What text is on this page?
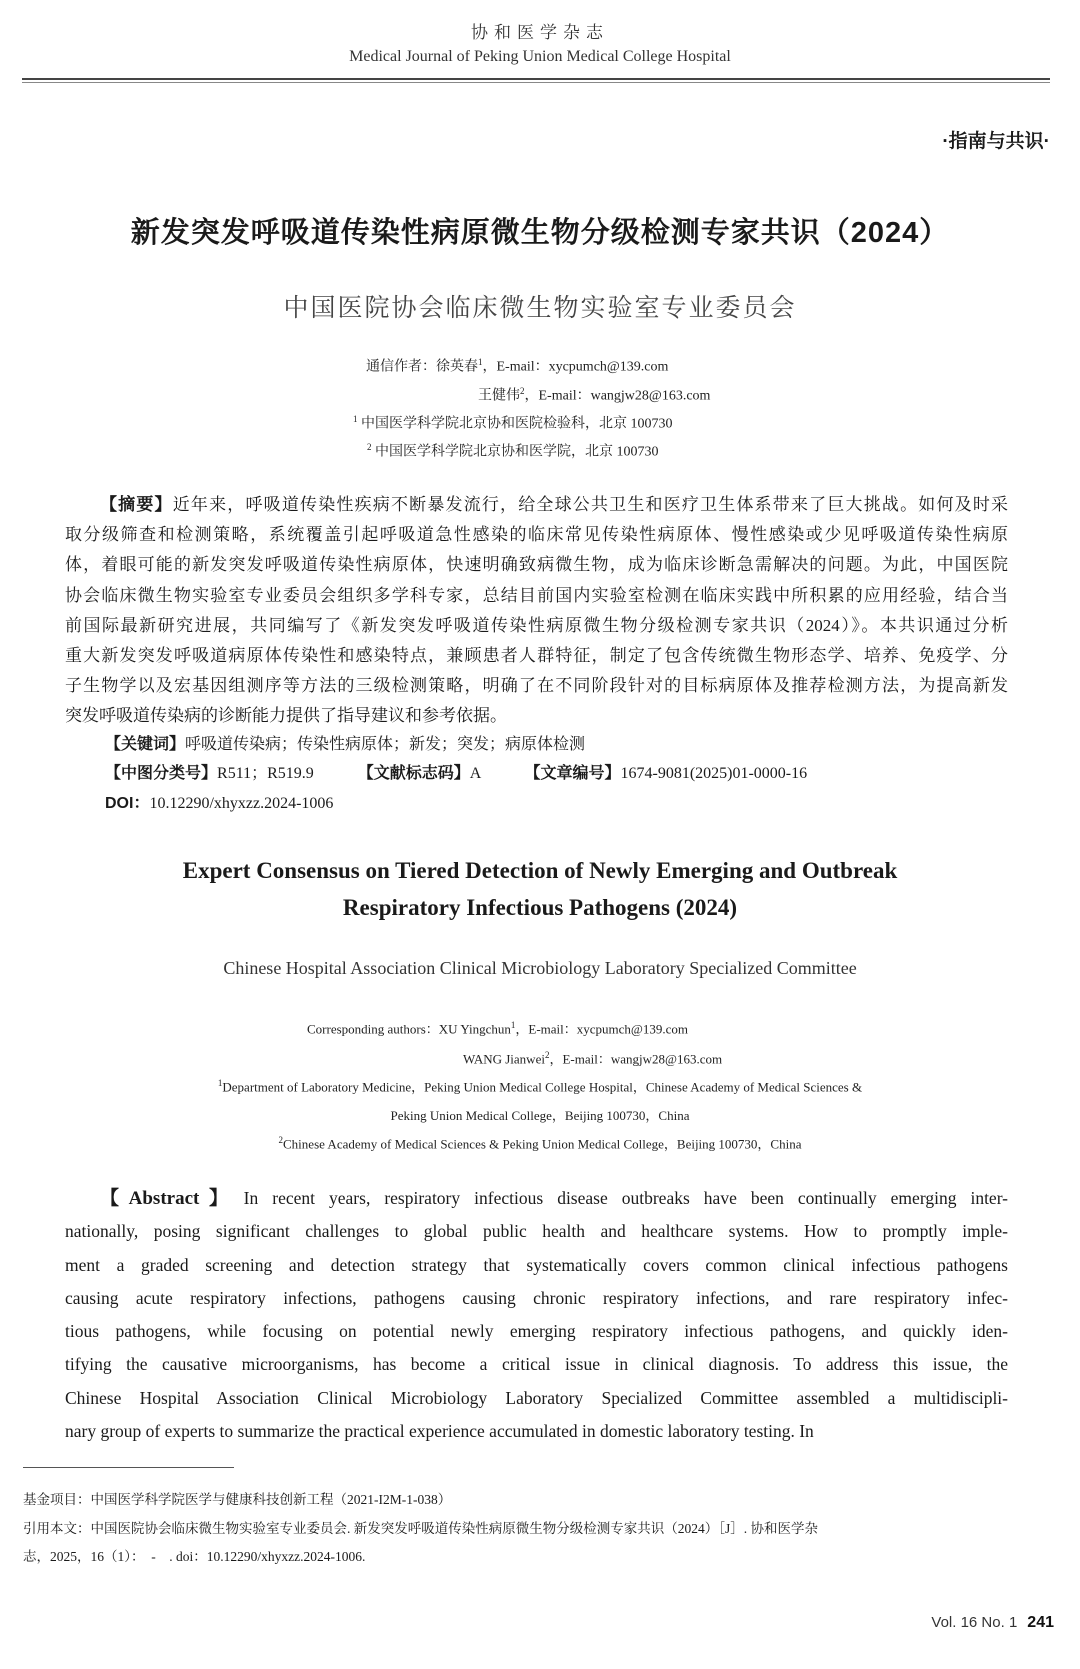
协和医学杂志
Medical Journal of Peking Union Medical College Hospital
·指南与共识·
新发突发呼吸道传染性病原微生物分级检测专家共识（2024）
中国医院协会临床微生物实验室专业委员会
通信作者：徐英春$^1$，E-mail：xycpumch@139.com
王健伟$^2$，E-mail：wangjw28@163.com
$^1$ 中国医学科学院北京协和医院检验科，北京 100730
$^2$ 中国医学科学院北京协和医学院，北京 100730
【摘要】近年来，呼吸道传染性疾病不断暴发流行，给全球公共卫生和医疗卫生体系带来了巨大挑战。如何及时采
取分级筛查和检测策略，系统覆盖引起呼吸道急性感染的临床常见传染性病原体、慢性感染或少见呼吸道传染性病原
体，着眼可能的新发突发呼吸道传染性病原体，快速明确致病微生物，成为临床诊断急需解决的问题。为此，中国医院
协会临床微生物实验室专业委员会组织多学科专家，总结目前国内实验室检测在临床实践中所积累的应用经验，结合当
前国际最新研究进展，共同编写了《新发突发呼吸道传染性病原微生物分级检测专家共识（2024）》。本共识通过分析
重大新发突发呼吸道病原体传染性和感染特点，兼顾患者人群特征，制定了包含传统微生物形态学、培养、免疫学、分
子生物学以及宏基因组测序等方法的三级检测策略，明确了在不同阶段针对的目标病原体及推荐检测方法，为提高新发
突发呼吸道传染病的诊断能力提供了指导建议和参考依据。
【关键词】呼吸道传染病；传染性病原体；新发；突发；病原体检测
【中图分类号】R511；R519.9	【文献标志码】A	【文章编号】1674-9081(2025)01-0000-16
DOI：10.12290/xhyxzz.2024-1006
Expert Consensus on Tiered Detection of Newly Emerging and Outbreak
Respiratory Infectious Pathogens (2024)
Chinese Hospital Association Clinical Microbiology Laboratory Specialized Committee
Corresponding authors：XU Yingchun$^1$，E-mail：xycpumch@139.com
WANG Jianwei$^2$，E-mail：wangjw28@163.com
$^1$Department of Laboratory Medicine，Peking Union Medical College Hospital，Chinese Academy of Medical Sciences &
Peking Union Medical College，Beijing 100730，China
$^2$Chinese Academy of Medical Sciences & Peking Union Medical College，Beijing 100730，China
【Abstract】 In recent years, respiratory infectious disease outbreaks have been continually emerging inter-
nationally, posing significant challenges to global public health and healthcare systems. How to promptly imple-
ment a graded screening and detection strategy that systematically covers common clinical infectious pathogens
causing acute respiratory infections, pathogens causing chronic respiratory infections, and rare respiratory infec-
tious pathogens, while focusing on potential newly emerging respiratory infectious pathogens, and quickly iden-
tifying the causative microorganisms, has become a critical issue in clinical diagnosis. To address this issue, the
Chinese Hospital Association Clinical Microbiology Laboratory Specialized Committee assembled a multidiscipli-
nary group of experts to summarize the practical experience accumulated in domestic laboratory testing. In
基金项目：中国医学科学院医学与健康科技创新工程（2021-I2M-1-038）
引用本文：中国医院协会临床微生物实验室专业委员会. 新发突发呼吸道传染性病原微生物分级检测专家共识（2024）［J］. 协和医学杂
志，2025，16（1）：　-　. doi：10.12290/xhyxzz.2024-1006.
Vol. 16 No. 1 241
